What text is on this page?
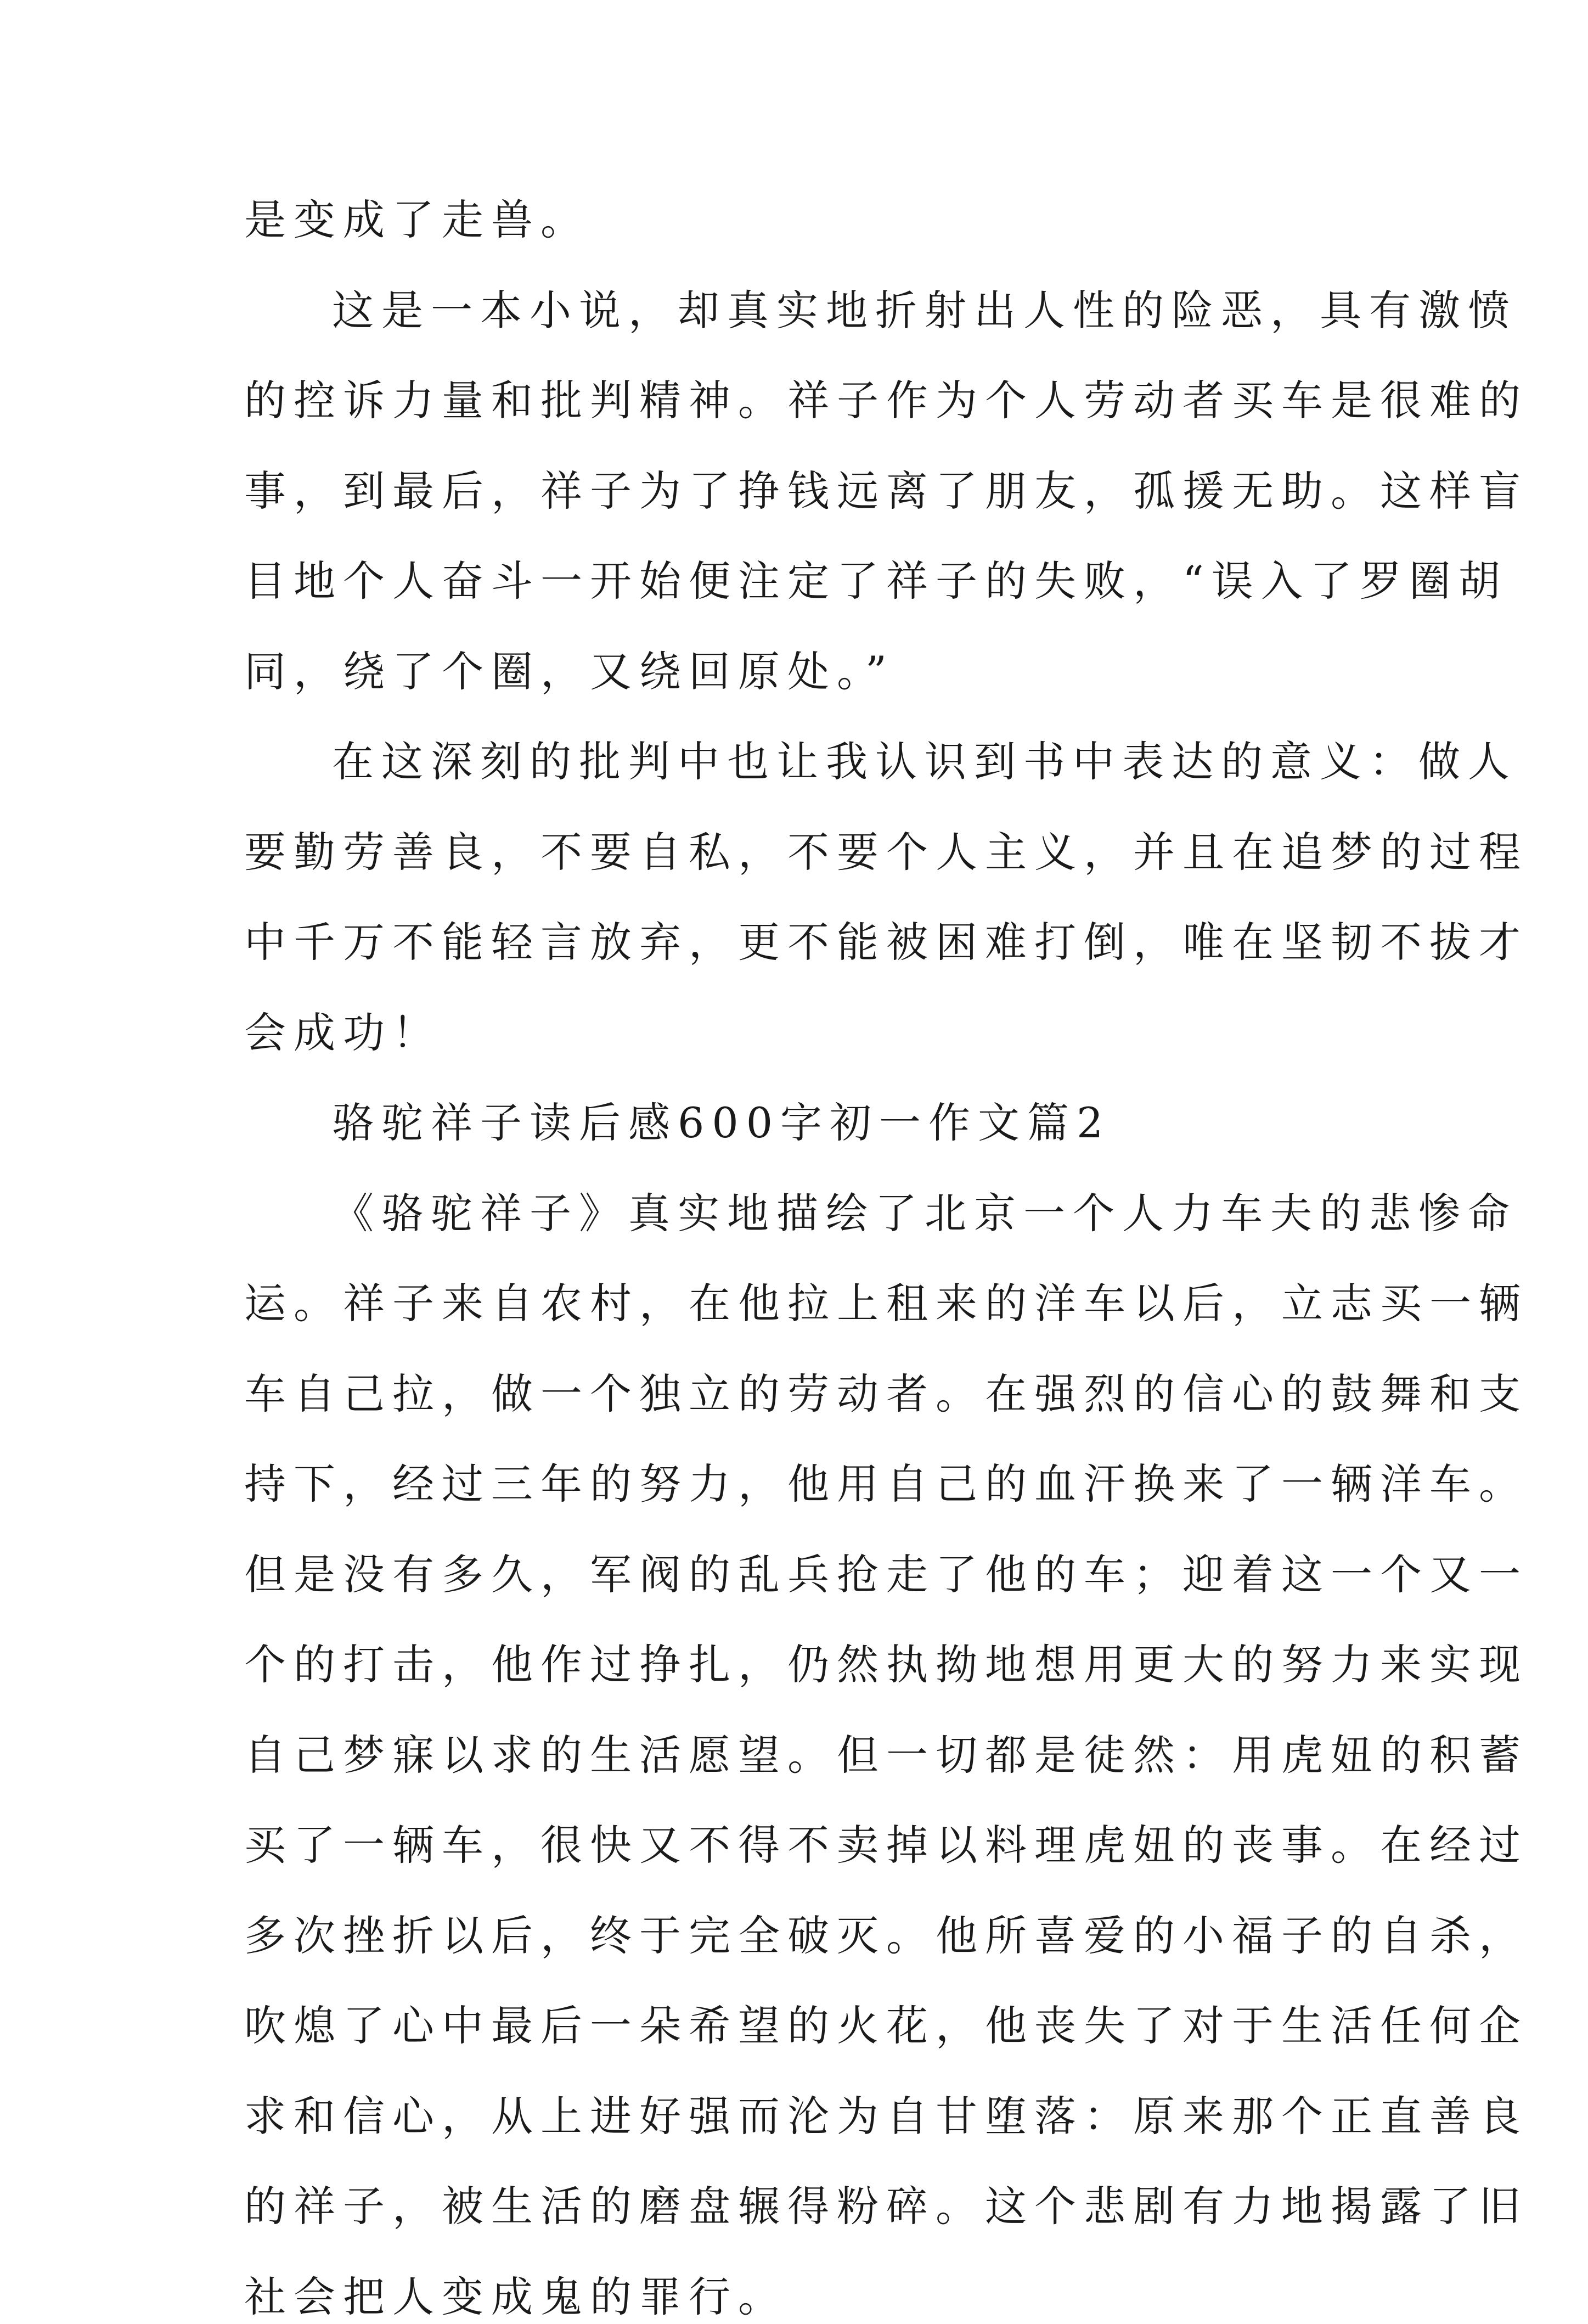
是变成了走兽。
这是一本小说，却真实地折射出人性的险恶，具有激愤
的控诉力量和批判精神。祥子作为个人劳动者买车是很难的
事，到最后，祥子为了挣钱远离了朋友，孤援无助。这样盲
目地个人奋斗一开始便注定了祥子的失败，“误入了罗圈胡
同，绕了个圈，又绕回原处。”
在这深刻的批判中也让我认识到书中表达的意义：做人
要勤劳善良，不要自私，不要个人主义，并且在追梦的过程
中千万不能轻言放弃，更不能被困难打倒，唯在坚韧不拔才
会成功！
骆驼祥子读后感600字初一作文篇2
《骆驼祥子》真实地描绘了北京一个人力车夫的悲惨命
运。祥子来自农村，在他拉上租来的洋车以后，立志买一辆
车自己拉，做一个独立的劳动者。在强烈的信心的鼓舞和支
持下，经过三年的努力，他用自己的血汗换来了一辆洋车。
但是没有多久，军阀的乱兵抢走了他的车；迎着这一个又一
个的打击，他作过挣扎，仍然执拗地想用更大的努力来实现
自己梦寐以求的生活愿望。但一切都是徒然：用虎妞的积蓄
买了一辆车，很快又不得不卖掉以料理虎妞的丧事。在经过
多次挫折以后，终于完全破灭。他所喜爱的小福子的自杀，
吹熄了心中最后一朵希望的火花，他丧失了对于生活任何企
求和信心，从上进好强而沦为自甘堕落：原来那个正直善良
的祥子，被生活的磨盘辗得粉碎。这个悲剧有力地揭露了旧
社会把人变成鬼的罪行。
